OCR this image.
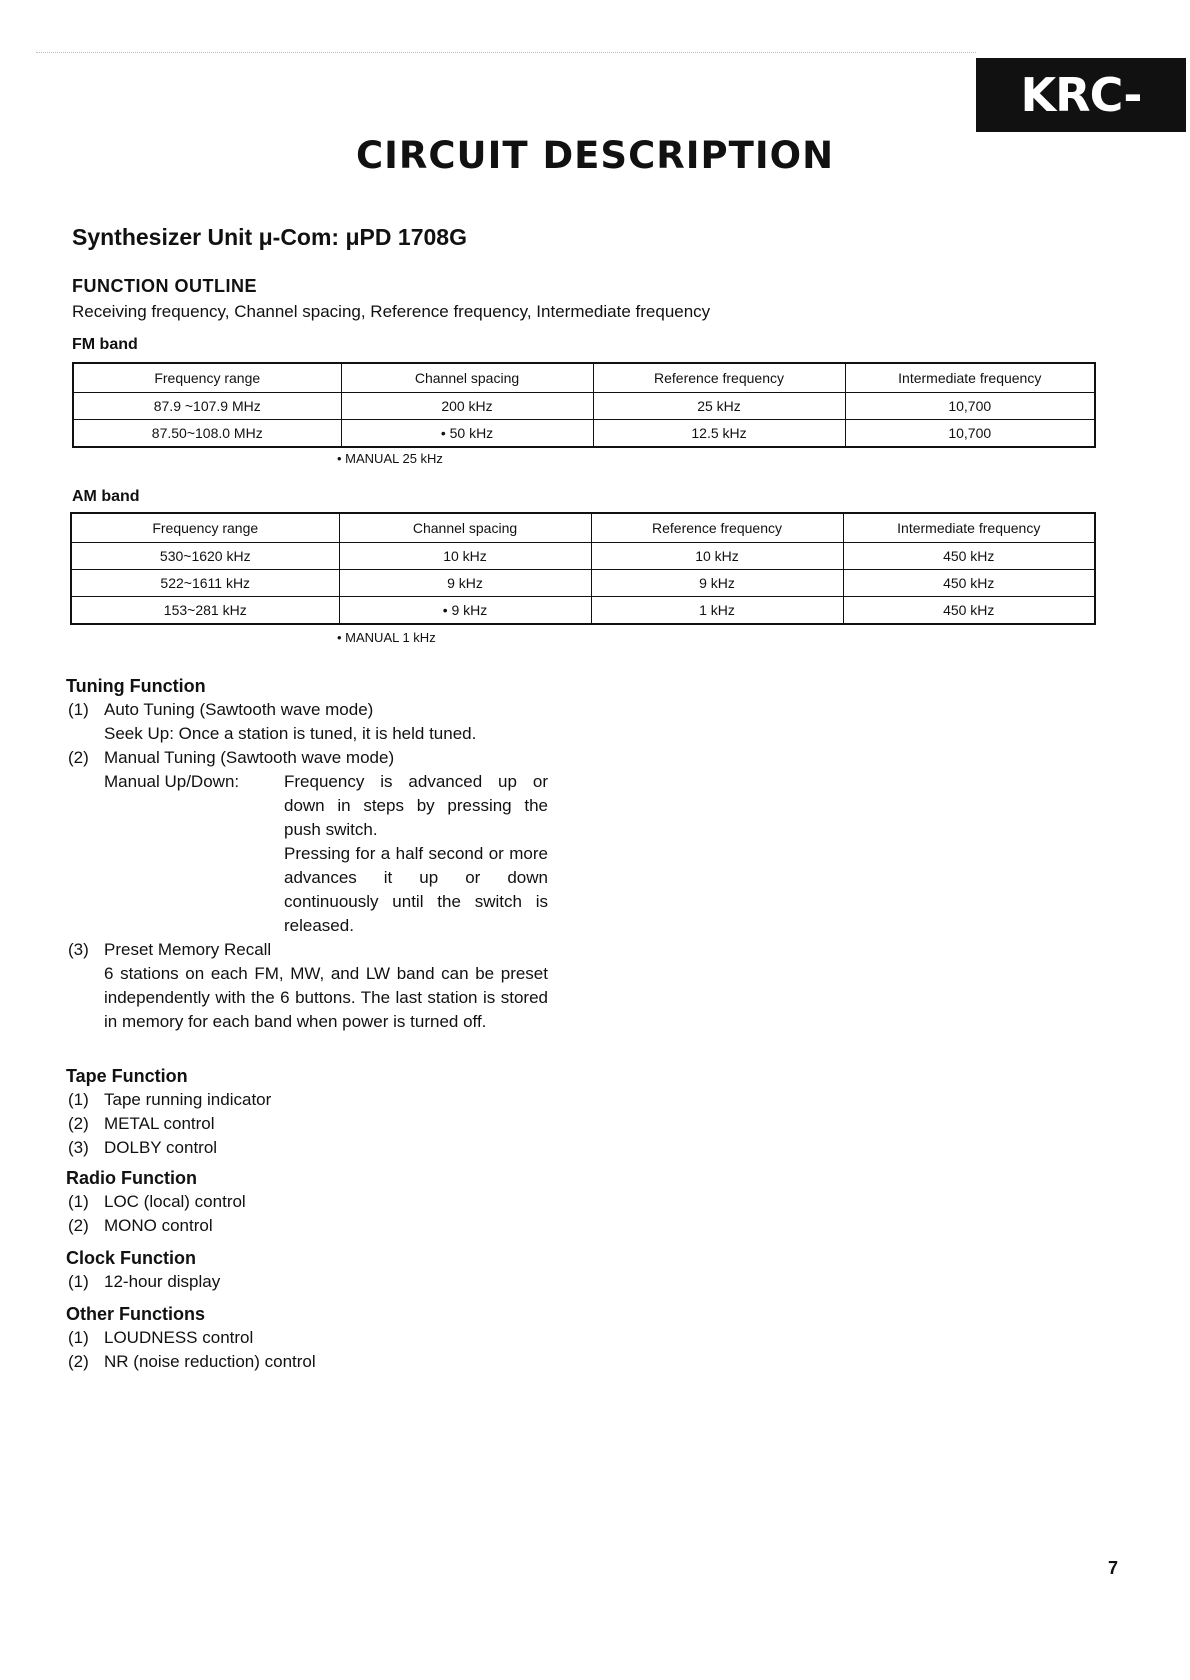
KRC-2001
CIRCUIT DESCRIPTION
Synthesizer Unit μ-Com: μPD 1708G
FUNCTION OUTLINE
Receiving frequency, Channel spacing, Reference frequency, Intermediate frequency
FM band
Frequency range	Channel spacing	Reference frequency	Intermediate frequency
87.9 ~107.9 MHz	200 kHz	25 kHz	10,700
87.50~108.0 MHz	• 50 kHz	12.5 kHz	10,700
• MANUAL 25 kHz
AM band
Frequency range	Channel spacing	Reference frequency	Intermediate frequency
530~1620 kHz	10 kHz	10 kHz	450 kHz
522~1611 kHz	9 kHz	9 kHz	450 kHz
153~281 kHz	• 9 kHz	1 kHz	450 kHz
• MANUAL 1 kHz
Tuning Function
(1) Auto Tuning (Sawtooth wave mode)
Seek Up: Once a station is tuned, it is held tuned.
(2) Manual Tuning (Sawtooth wave mode)
Manual Up/Down:	Frequency is advanced up or down in steps by pressing the push switch.
Pressing for a half second or more advances it up or down continuously until the switch is released.
(3) Preset Memory Recall
6 stations on each FM, MW, and LW band can be preset independently with the 6 buttons. The last station is stored in memory for each band when power is turned off.
Tape Function
(1) Tape running indicator
(2) METAL control
(3) DOLBY control
Radio Function
(1) LOC (local) control
(2) MONO control
Clock Function
(1) 12-hour display
Other Functions
(1) LOUDNESS control
(2) NR (noise reduction) control
7
